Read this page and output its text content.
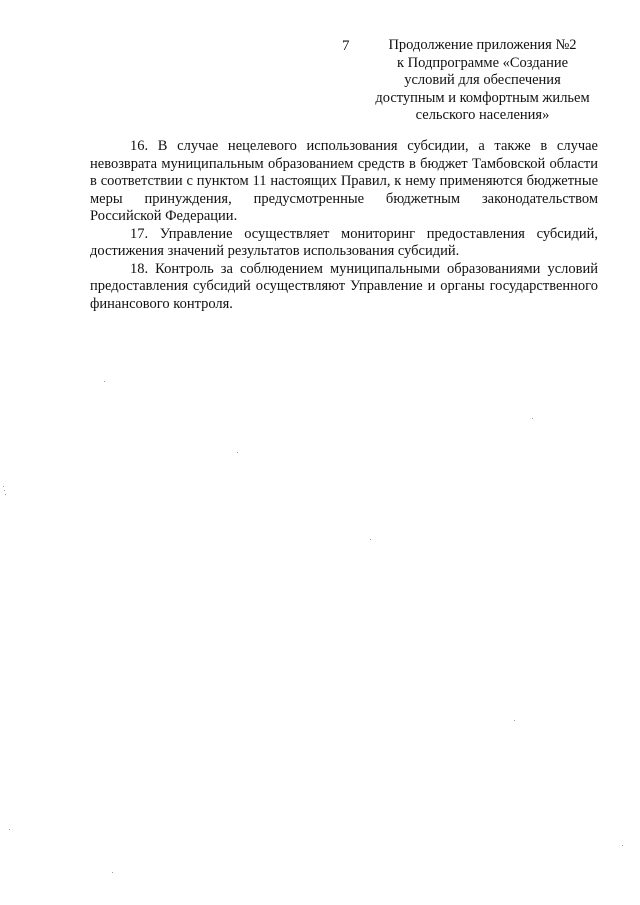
7	Продолжение приложения №2
к Подпрограмме «Создание
условий для обеспечения
доступным и комфортным жильем
сельского населения»

16. В случае нецелевого использования субсидии, а также в случае невозврата муниципальным образованием средств в бюджет Тамбовской области в соответствии с пунктом 11 настоящих Правил, к нему применяются бюджетные меры принуждения, предусмотренные бюджетным законодательством Российской Федерации.

17. Управление осуществляет мониторинг предоставления субсидий, достижения значений результатов использования субсидий.

18. Контроль за соблюдением муниципальными образованиями условий предоставления субсидий осуществляют Управление и органы государственного финансового контроля.
